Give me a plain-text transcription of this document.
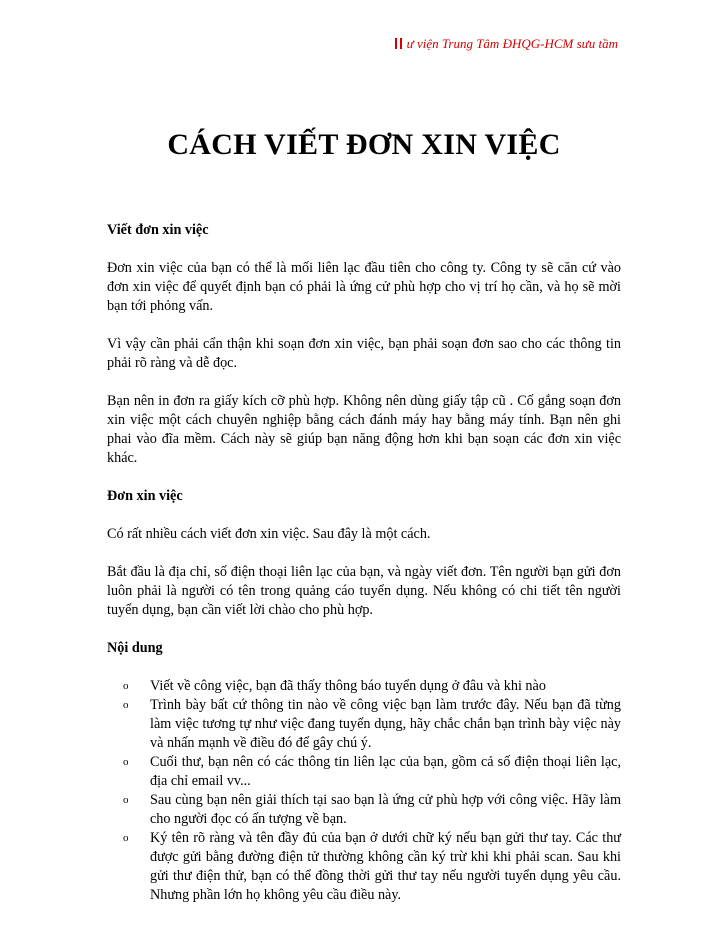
ư viện Trung Tâm ĐHQG-HCM sưu tầm
CÁCH VIẾT ĐƠN XIN VIỆC
Viết đơn xin việc

Đơn xin việc của bạn có thể là mối liên lạc đầu tiên cho công ty. Công ty sẽ căn cứ vào đơn xin việc để quyết định bạn có phải là ứng cử phù hợp cho vị trí họ cần, và họ sẽ mời bạn tới phỏng vấn.

Vì vậy cần phải cẩn thận khi soạn đơn xin việc, bạn phải soạn đơn sao cho các thông tin phải rõ ràng và dễ đọc.

Bạn nên in đơn ra giấy kích cỡ phù hợp. Không nên dùng giấy tập cũ . Cố gắng soạn đơn xin việc một cách chuyên nghiệp bằng cách đánh máy hay bằng máy tính. Bạn nên ghi phai vào đĩa mềm. Cách này sẽ giúp bạn năng động hơn khi bạn soạn các đơn xin việc khác.

Đơn xin việc

Có rất nhiều cách viết đơn xin việc. Sau đây là một cách.

Bắt đầu là địa chỉ, số điện thoại liên lạc của bạn, và ngày viết đơn. Tên người bạn gửi đơn luôn phải là người có tên trong quảng cáo tuyển dụng. Nếu không có chi tiết tên người tuyển dụng, bạn cần viết lời chào cho phù hợp.

Nội dung
o Viết về công việc, bạn đã thấy thông báo tuyển dụng ở đâu và khi nào
o Trình bày bất cứ thông tin nào về công việc bạn làm trước đây. Nếu bạn đã từng làm việc tương tự như việc đang tuyển dụng, hãy chắc chắn bạn trình bày việc này và nhấn mạnh về điều đó để gây chú ý.
o Cuối thư, bạn nên có các thông tin liên lạc của bạn, gồm cả số điện thoại liên lạc, địa chỉ email vv...
o Sau cùng bạn nên giải thích tại sao bạn là ứng cử phù hợp với công việc. Hãy làm cho người đọc có ấn tượng về bạn.
o Ký tên rõ ràng và tên đầy đủ của bạn ở dưới chữ ký nếu bạn gửi thư tay. Các thư được gửi bằng đường điện tử thường không cần ký trừ khi khi phải scan. Sau khi gửi thư điện thử, bạn có thể đồng thời gửi thư tay nếu người tuyển dụng yêu cầu. Nhưng phần lớn họ không yêu cầu điều này.
